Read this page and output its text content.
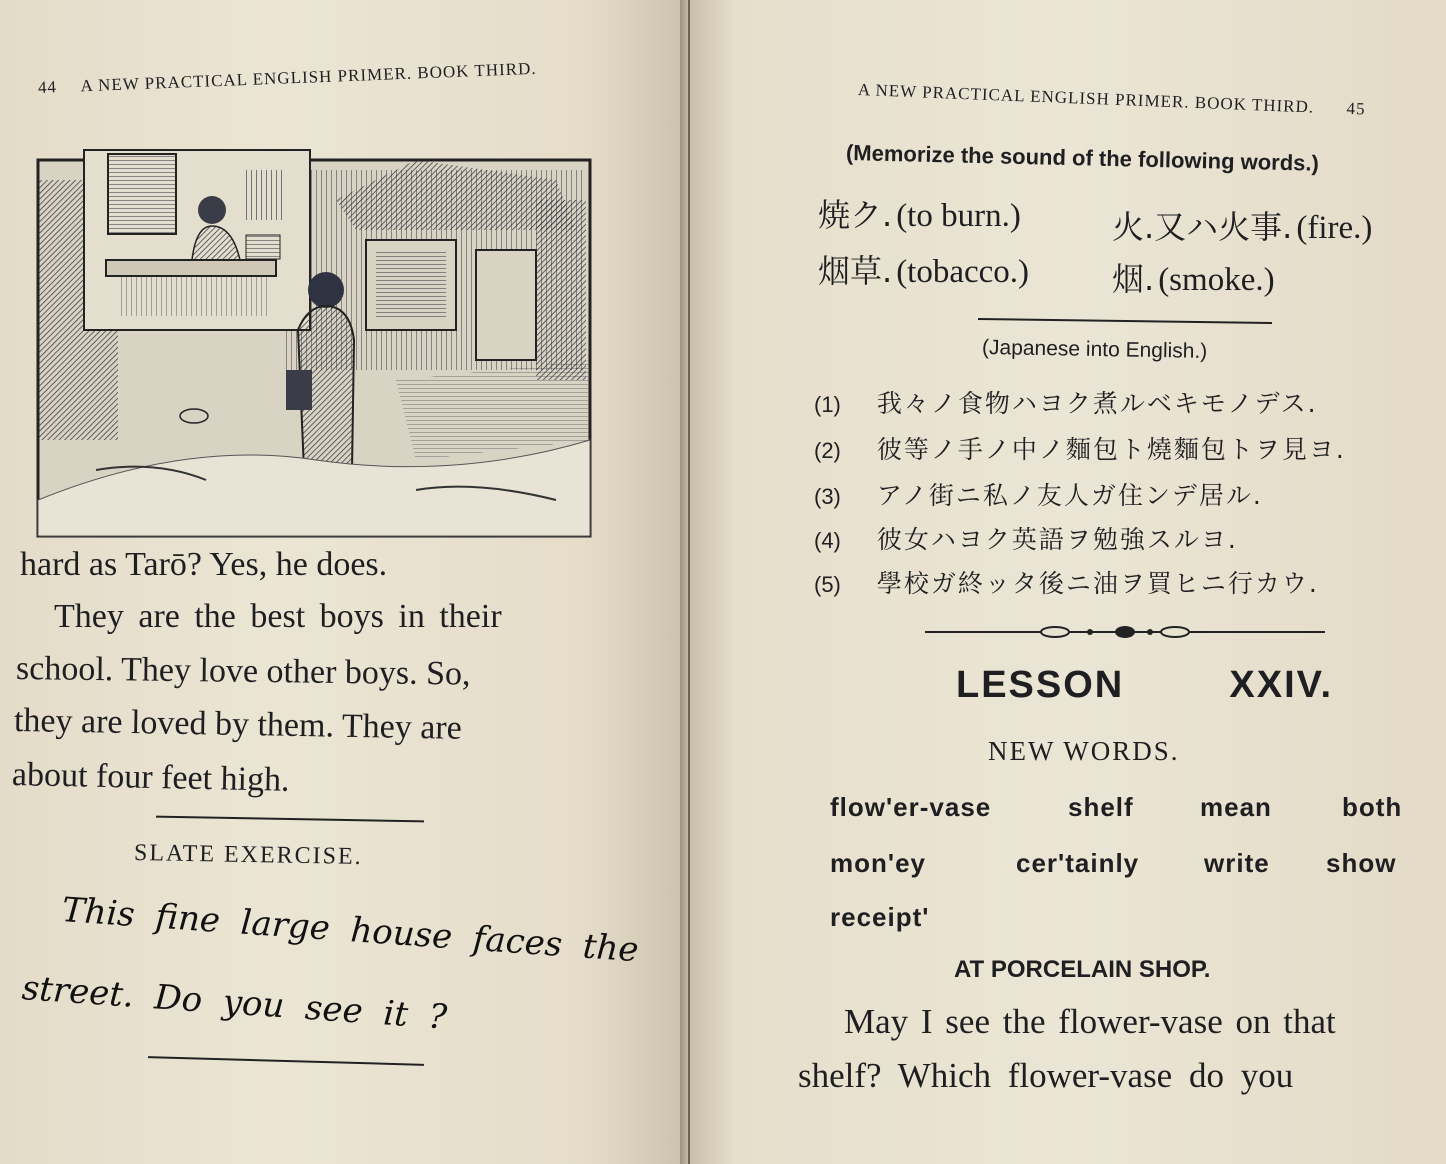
44 A NEW PRACTICAL ENGLISH PRIMER. BOOK THIRD.
hard as Tarō? Yes, he does.
They are the best boys in their
school. They love other boys. So,
they are loved by them. They are
about four feet high.
SLATE EXERCISE.
This fine large house faces the
street. Do you see it ?
A NEW PRACTICAL ENGLISH PRIMER. BOOK THIRD. 45
(Memorize the sound of the following words.)
焼ク. (to burn.)	火.又ハ火事. (fire.)
烟草. (tobacco.)	烟. (smoke.)
(Japanese into English.)
(1) 我々ノ食物ハヨク煮ルベキモノデス.
(2) 彼等ノ手ノ中ノ麵包ト燒麵包トヲ見ヨ.
(3) アノ街ニ私ノ友人ガ住ンデ居ル.
(4) 彼女ハヨク英語ヲ勉強スルヨ.
(5) 學校ガ終ッタ後ニ油ヲ買ヒニ行カウ.
LESSON	XXIV.
NEW WORDS.
flow'er-vase	shelf	mean	both
mon'ey	cer'tainly write show
receipt'
AT PORCELAIN SHOP.
May I see the flower-vase on that
shelf? Which flower-vase do you
